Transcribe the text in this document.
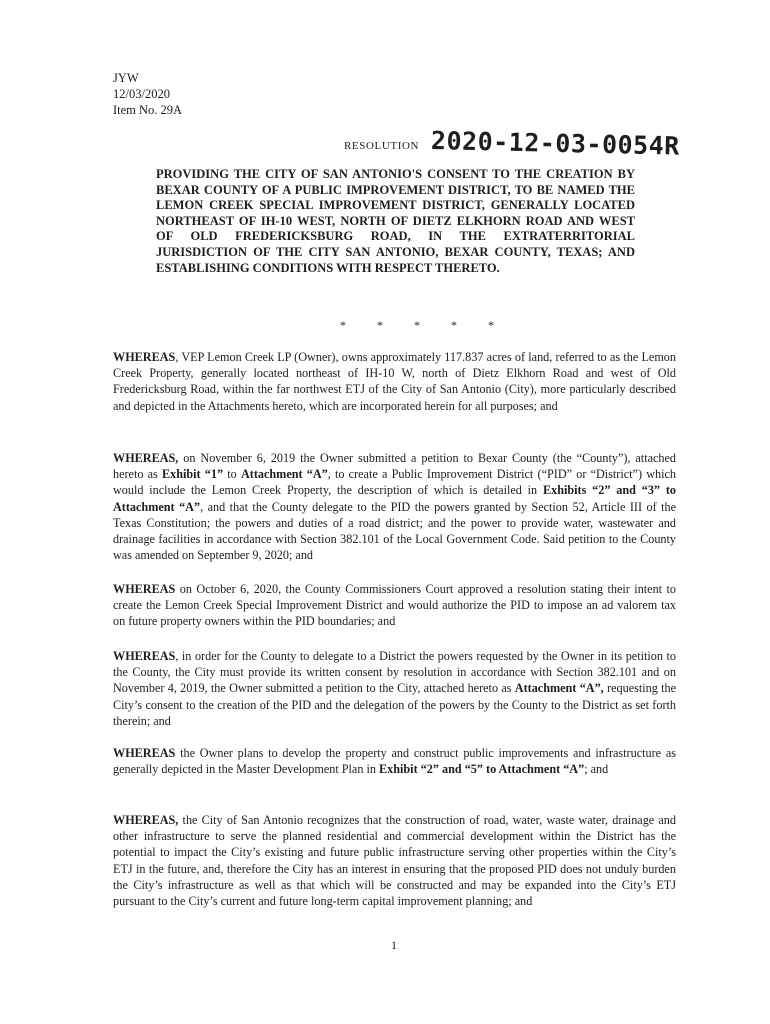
JYW
12/03/2020
Item No. 29A
RESOLUTION 2020-12-03-0054R
PROVIDING THE CITY OF SAN ANTONIO'S CONSENT TO THE CREATION BY BEXAR COUNTY OF A PUBLIC IMPROVEMENT DISTRICT, TO BE NAMED THE LEMON CREEK SPECIAL IMPROVEMENT DISTRICT, GENERALLY LOCATED NORTHEAST OF IH-10 WEST, NORTH OF DIETZ ELKHORN ROAD AND WEST OF OLD FREDERICKSBURG ROAD, IN THE EXTRATERRITORIAL JURISDICTION OF THE CITY SAN ANTONIO, BEXAR COUNTY, TEXAS; AND ESTABLISHING CONDITIONS WITH RESPECT THERETO.
* * * * *
WHEREAS, VEP Lemon Creek LP (Owner), owns approximately 117.837 acres of land, referred to as the Lemon Creek Property, generally located northeast of IH-10 W, north of Dietz Elkhorn Road and west of Old Fredericksburg Road, within the far northwest ETJ of the City of San Antonio (City), more particularly described and depicted in the Attachments hereto, which are incorporated herein for all purposes; and
WHEREAS, on November 6, 2019 the Owner submitted a petition to Bexar County (the “County”), attached hereto as Exhibit “1” to Attachment “A”, to create a Public Improvement District (“PID” or “District”) which would include the Lemon Creek Property, the description of which is detailed in Exhibits “2” and “3” to Attachment “A”, and that the County delegate to the PID the powers granted by Section 52, Article III of the Texas Constitution; the powers and duties of a road district; and the power to provide water, wastewater and drainage facilities in accordance with Section 382.101 of the Local Government Code. Said petition to the County was amended on September 9, 2020; and
WHEREAS on October 6, 2020, the County Commissioners Court approved a resolution stating their intent to create the Lemon Creek Special Improvement District and would authorize the PID to impose an ad valorem tax on future property owners within the PID boundaries; and
WHEREAS, in order for the County to delegate to a District the powers requested by the Owner in its petition to the County, the City must provide its written consent by resolution in accordance with Section 382.101 and on November 4, 2019, the Owner submitted a petition to the City, attached hereto as Attachment “A”, requesting the City’s consent to the creation of the PID and the delegation of the powers by the County to the District as set forth therein; and
WHEREAS the Owner plans to develop the property and construct public improvements and infrastructure as generally depicted in the Master Development Plan in Exhibit “2” and “5” to Attachment “A”; and
WHEREAS, the City of San Antonio recognizes that the construction of road, water, waste water, drainage and other infrastructure to serve the planned residential and commercial development within the District has the potential to impact the City’s existing and future public infrastructure serving other properties within the City’s ETJ in the future, and, therefore the City has an interest in ensuring that the proposed PID does not unduly burden the City’s infrastructure as well as that which will be constructed and may be expanded into the City’s ETJ pursuant to the City’s current and future long-term capital improvement planning; and
1
